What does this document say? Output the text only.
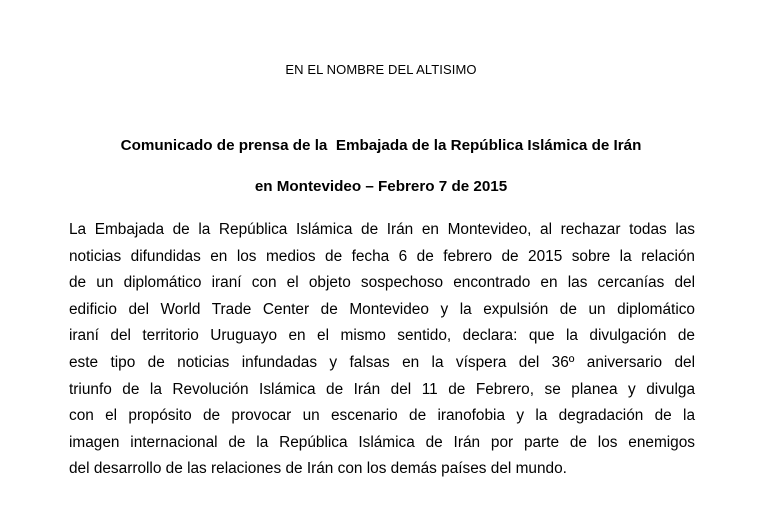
EN EL NOMBRE DEL ALTISIMO
Comunicado de prensa de la  Embajada de la República Islámica de Irán
en Montevideo – Febrero 7 de 2015
La Embajada de la República Islámica de Irán en Montevideo, al rechazar todas las
noticias difundidas en los medios de fecha 6 de febrero de 2015 sobre la relación
de un diplomático iraní con el objeto sospechoso encontrado en las cercanías del
edificio del World Trade Center de Montevideo y la expulsión de un diplomático
iraní del territorio Uruguayo en el mismo sentido, declara: que la divulgación de
este tipo de noticias infundadas y falsas en la víspera del 36º aniversario del
triunfo de la Revolución Islámica de Irán del 11 de Febrero, se planea y divulga
con el propósito de provocar un escenario de iranofobia y la degradación de la
imagen internacional de la República Islámica de Irán por parte de los enemigos
del desarrollo de las relaciones de Irán con los demás países del mundo.
